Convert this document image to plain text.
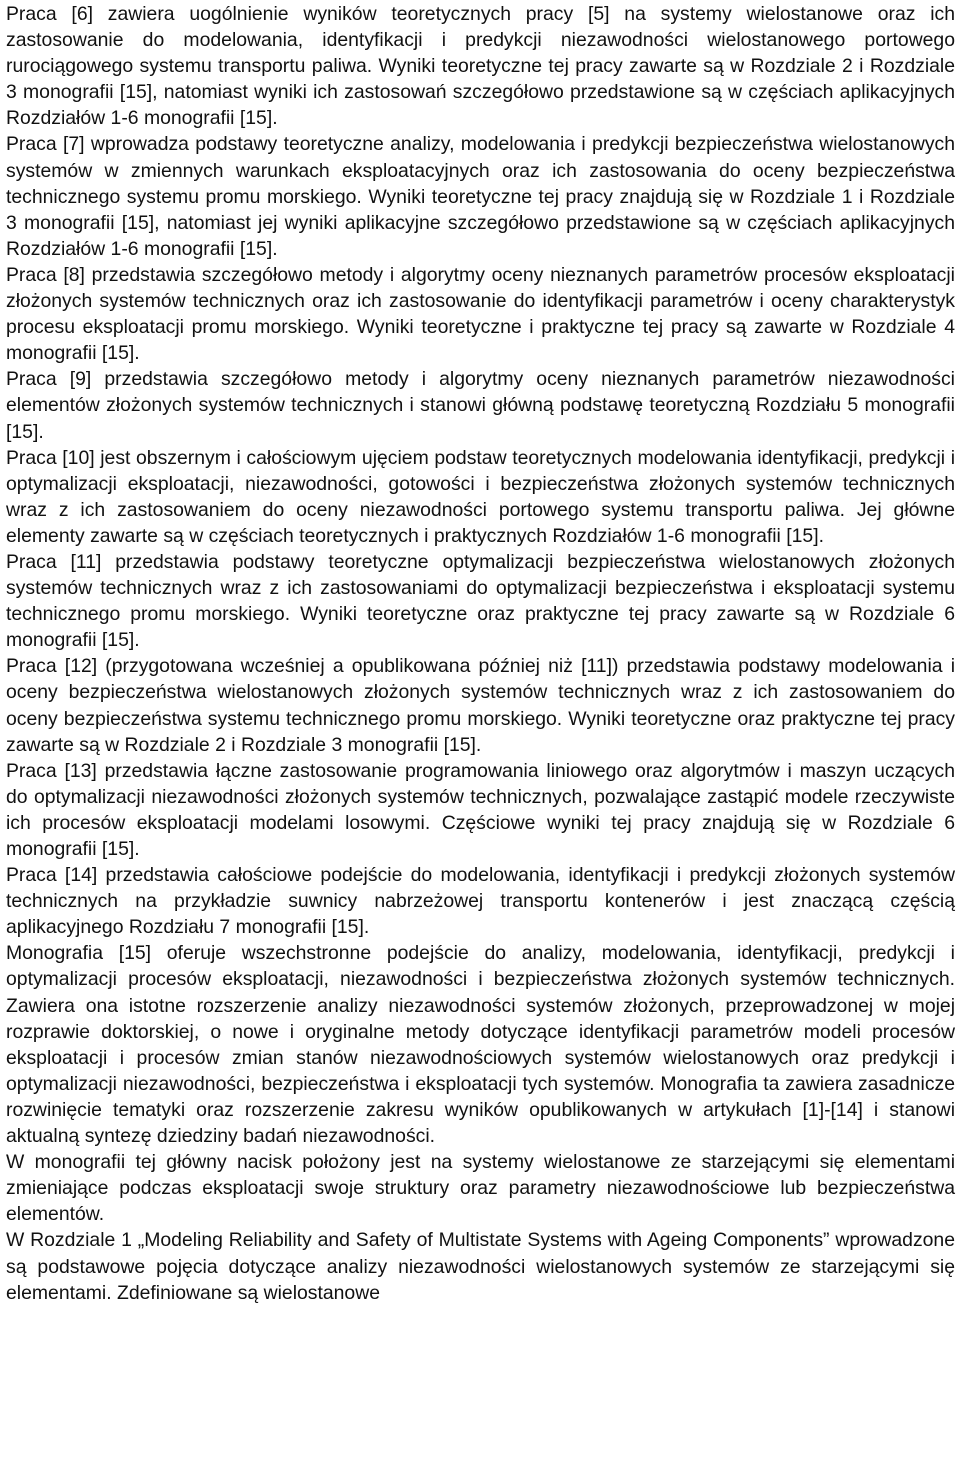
Praca [6] zawiera uogólnienie wyników teoretycznych pracy [5] na systemy wielostanowe oraz ich zastosowanie do modelowania, identyfikacji i predykcji niezawodności wielostanowego portowego rurociągowego systemu transportu paliwa. Wyniki teoretyczne tej pracy zawarte są w Rozdziale 2 i Rozdziale 3 monografii [15], natomiast wyniki ich zastosowań szczegółowo przedstawione są w częściach aplikacyjnych Rozdziałów 1-6 monografii [15].

Praca [7] wprowadza podstawy teoretyczne analizy, modelowania i predykcji bezpieczeństwa wielostanowych systemów w zmiennych warunkach eksploatacyjnych oraz ich zastosowania do oceny bezpieczeństwa technicznego systemu promu morskiego. Wyniki teoretyczne tej pracy znajdują się w Rozdziale 1 i Rozdziale 3 monografii [15], natomiast jej wyniki aplikacyjne szczegółowo przedstawione są w częściach aplikacyjnych Rozdziałów 1-6 monografii [15].

Praca [8] przedstawia szczegółowo metody i algorytmy oceny nieznanych parametrów procesów eksploatacji złożonych systemów technicznych oraz ich zastosowanie do identyfikacji parametrów i oceny charakterystyk procesu eksploatacji promu morskiego. Wyniki teoretyczne i praktyczne tej pracy są zawarte w Rozdziale 4 monografii [15].

Praca [9] przedstawia szczegółowo metody i algorytmy oceny nieznanych parametrów niezawodności elementów złożonych systemów technicznych i stanowi główną podstawę teoretyczną Rozdziału 5 monografii [15].

Praca [10] jest obszernym i całościowym ujęciem podstaw teoretycznych modelowania identyfikacji, predykcji i optymalizacji eksploatacji, niezawodności, gotowości i bezpieczeństwa złożonych systemów technicznych wraz z ich zastosowaniem do oceny niezawodności portowego systemu transportu paliwa. Jej główne elementy zawarte są w częściach teoretycznych i praktycznych Rozdziałów 1-6 monografii [15].

Praca [11] przedstawia podstawy teoretyczne optymalizacji bezpieczeństwa wielostanowych złożonych systemów technicznych wraz z ich zastosowaniami do optymalizacji bezpieczeństwa i eksploatacji systemu technicznego promu morskiego. Wyniki teoretyczne oraz praktyczne tej pracy zawarte są w Rozdziale 6 monografii [15].

Praca [12] (przygotowana wcześniej a opublikowana później niż [11]) przedstawia podstawy modelowania i oceny bezpieczeństwa wielostanowych złożonych systemów technicznych wraz z ich zastosowaniem do oceny bezpieczeństwa systemu technicznego promu morskiego. Wyniki teoretyczne oraz praktyczne tej pracy zawarte są w Rozdziale 2 i Rozdziale 3 monografii [15].

Praca [13] przedstawia łączne zastosowanie programowania liniowego oraz algorytmów i maszyn uczących do optymalizacji niezawodności złożonych systemów technicznych, pozwalające zastąpić modele rzeczywiste ich procesów eksploatacji modelami losowymi. Częściowe wyniki tej pracy znajdują się w Rozdziale 6 monografii [15].

Praca [14] przedstawia całościowe podejście do modelowania, identyfikacji i predykcji złożonych systemów technicznych na przykładzie suwnicy nabrzeżowej transportu kontenerów i jest znaczącą częścią aplikacyjnego Rozdziału 7 monografii [15].

Monografia [15] oferuje wszechstronne podejście do analizy, modelowania, identyfikacji, predykcji i optymalizacji procesów eksploatacji, niezawodności i bezpieczeństwa złożonych systemów technicznych. Zawiera ona istotne rozszerzenie analizy niezawodności systemów złożonych, przeprowadzonej w mojej rozprawie doktorskiej, o nowe i oryginalne metody dotyczące identyfikacji parametrów modeli procesów eksploatacji i procesów zmian stanów niezawodnościowych systemów wielostanowych oraz predykcji i optymalizacji niezawodności, bezpieczeństwa i eksploatacji tych systemów. Monografia ta zawiera zasadnicze rozwinięcie tematyki oraz rozszerzenie zakresu wyników opublikowanych w artykułach [1]-[14] i stanowi aktualną syntezę dziedziny badań niezawodności.

W monografii tej główny nacisk położony jest na systemy wielostanowe ze starzejącymi się elementami zmieniające podczas eksploatacji swoje struktury oraz parametry niezawodnościowe lub bezpieczeństwa elementów.

W Rozdziale 1 „Modeling Reliability and Safety of Multistate Systems with Ageing Components” wprowadzone są podstawowe pojęcia dotyczące analizy niezawodności wielostanowych systemów ze starzejącymi się elementami. Zdefiniowane są wielostanowe
